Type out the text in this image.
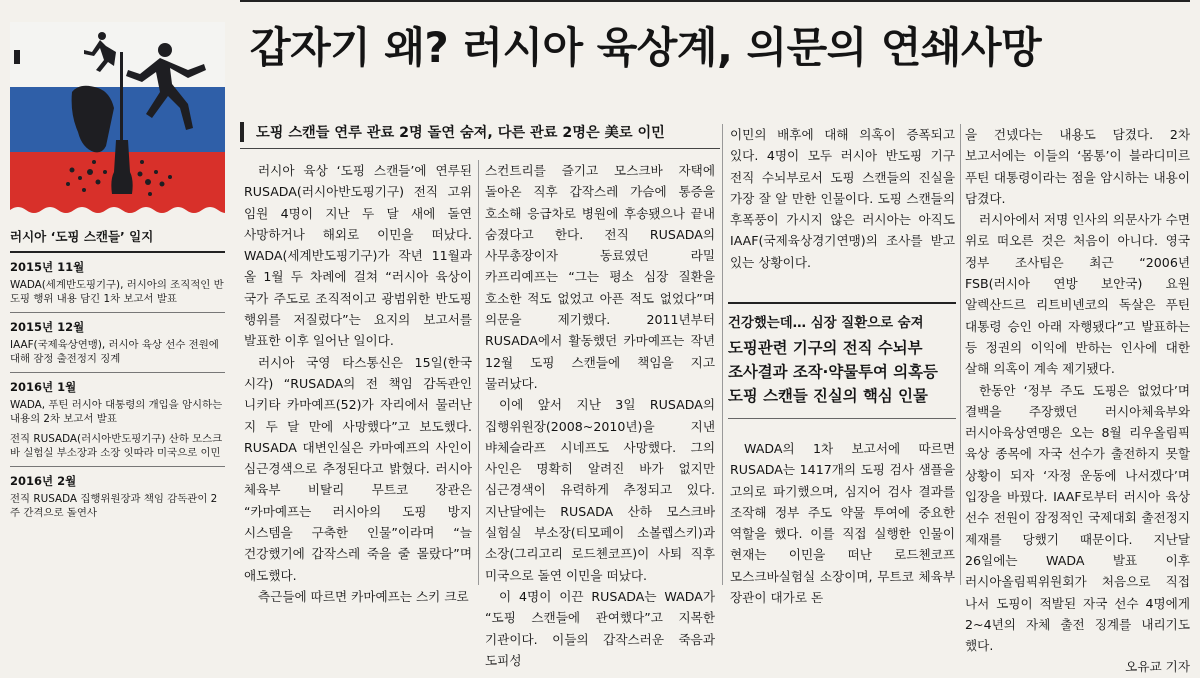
러시아 ‘도핑 스캔들’ 일지
2015년 11월
WADA(세계반도핑기구), 러시아의 조직적인 반도핑 행위 내용 담긴 1차 보고서 발표
2015년 12월
IAAF(국제육상연맹), 러시아 육상 선수 전원에 대해 잠정 출전정지 징계
2016년 1월
WADA, 푸틴 러시아 대통령의 개입을 암시하는 내용의 2차 보고서 발표
전직 RUSADA(러시아반도핑기구) 산하 모스크바 실험실 부소장과 소장 잇따라 미국으로 이민
2016년 2월
전직 RUSADA 집행위원장과 책임 감독관이 2주 간격으로 돌연사
갑자기 왜? 러시아 육상계, 의문의 연쇄사망
도핑 스캔들 연루 관료 2명 돌연 숨져, 다른 관료 2명은 美로 이민

러시아 육상 ‘도핑 스캔들’에 연루된 RUSADA(러시아반도핑기구) 전직 고위 임원 4명이 지난 두 달 새에 돌연 사망하거나 해외로 이민을 떠났다. WADA(세계반도핑기구)가 작년 11월과 올 1월 두 차례에 걸쳐 “러시아 육상이 국가 주도로 조직적이고 광범위한 반도핑 행위를 저질렀다”는 요지의 보고서를 발표한 이후 일어난 일이다.

러시아 국영 타스통신은 15일(한국 시각) “RUSADA의 전 책임 감독관인 니키타 카마예프(52)가 자리에서 물러난 지 두 달 만에 사망했다”고 보도했다. RUSADA 대변인실은 카마예프의 사인이 심근경색으로 추정된다고 밝혔다. 러시아 체육부 비탈리 무트코 장관은 “카마예프는 러시아의 도핑 방지 시스템을 구축한 인물”이라며 “늘 건강했기에 갑작스레 죽을 줄 몰랐다”며 애도했다.

측근들에 따르면 카마예프는 스키 크로

스컨트리를 즐기고 모스크바 자택에 돌아온 직후 갑작스레 가슴에 통증을 호소해 응급차로 병원에 후송됐으나 끝내 숨졌다고 한다. 전직 RUSADA의 사무총장이자 동료였던 라밀 카프리예프는 “그는 평소 심장 질환을 호소한 적도 없었고 아픈 적도 없었다”며 의문을 제기했다. 2011년부터 RUSADA에서 활동했던 카마예프는 작년 12월 도핑 스캔들에 책임을 지고 물러났다.

이에 앞서 지난 3일 RUSADA의 집행위원장(2008~2010년)을 지낸 뱌체슬라프 시네프도 사망했다. 그의 사인은 명확히 알려진 바가 없지만 심근경색이 유력하게 추정되고 있다. 지난달에는 RUSADA 산하 모스크바 실험실 부소장(티모페이 소볼렙스키)과 소장(그리고리 로드첸코프)이 사퇴 직후 미국으로 돌연 이민을 떠났다.

이 4명이 이끈 RUSADA는 WADA가 “도핑 스캔들에 관여했다”고 지목한 기관이다. 이들의 갑작스러운 죽음과 도피성

이민의 배후에 대해 의혹이 증폭되고 있다. 4명이 모두 러시아 반도핑 기구 전직 수뇌부로서 도핑 스캔들의 진실을 가장 잘 알 만한 인물이다. 도핑 스캔들의 후폭풍이 가시지 않은 러시아는 아직도 IAAF(국제육상경기연맹)의 조사를 받고 있는 상황이다.

건강했는데… 심장 질환으로 숨져
도핑관련 기구의 전직 수뇌부
조사결과 조작·약물투여 의혹등
도핑 스캔들 진실의 핵심 인물

WADA의 1차 보고서에 따르면 RUSADA는 1417개의 도핑 검사 샘플을 고의로 파기했으며, 심지어 검사 결과를 조작해 정부 주도 약물 투여에 중요한 역할을 했다. 이를 직접 실행한 인물이 현재는 이민을 떠난 로드첸코프 모스크바실험실 소장이며, 무트코 체육부 장관이 대가로 돈

을 건넸다는 내용도 담겼다. 2차 보고서에는 이들의 ‘몸통’이 블라디미르 푸틴 대통령이라는 점을 암시하는 내용이 담겼다.

러시아에서 저명 인사의 의문사가 수면 위로 떠오른 것은 처음이 아니다. 영국 정부 조사팀은 최근 “2006년 FSB(러시아 연방 보안국) 요원 알렉산드르 리트비넨코의 독살은 푸틴 대통령 승인 아래 자행됐다”고 발표하는 등 정권의 이익에 반하는 인사에 대한 살해 의혹이 계속 제기됐다.

한동안 ‘정부 주도 도핑은 없었다’며 결백을 주장했던 러시아체육부와 러시아육상연맹은 오는 8월 리우올림픽 육상 종목에 자국 선수가 출전하지 못할 상황이 되자 ‘자정 운동에 나서겠다’며 입장을 바꿨다. IAAF로부터 러시아 육상 선수 전원이 잠정적인 국제대회 출전정지 제재를 당했기 때문이다. 지난달 26일에는 WADA 발표 이후 러시아올림픽위원회가 처음으로 직접 나서 도핑이 적발된 자국 선수 4명에게 2~4년의 자체 출전 징계를 내리기도 했다.

오유교 기자
